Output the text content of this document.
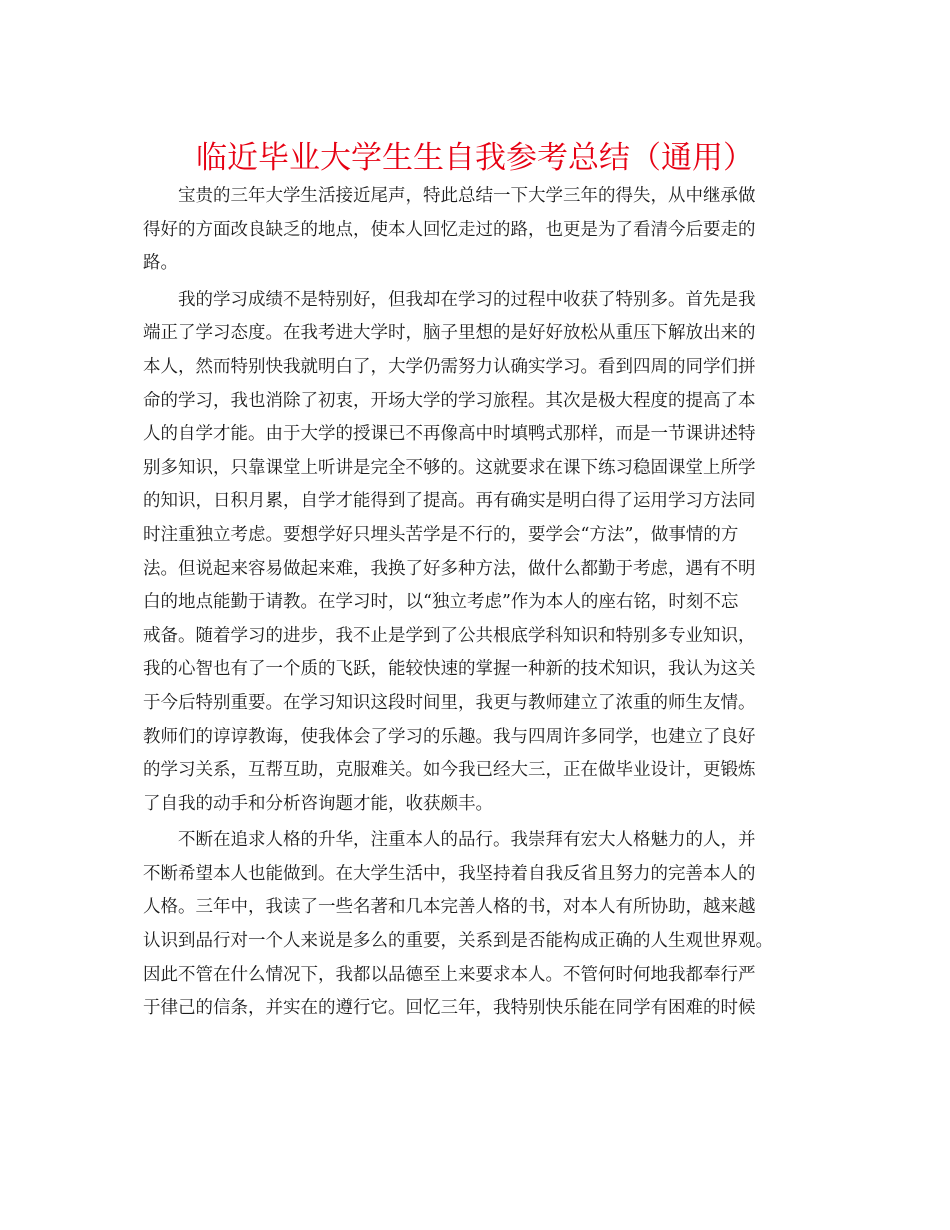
临近毕业大学生生自我参考总结（通用）

宝贵的三年大学生活接近尾声，特此总结一下大学三年的得失，从中继承做
得好的方面改良缺乏的地点，使本人回忆走过的路，也更是为了看清今后要走的
路。

我的学习成绩不是特别好，但我却在学习的过程中收获了特别多。首先是我
端正了学习态度。在我考进大学时，脑子里想的是好好放松从重压下解放出来的
本人，然而特别快我就明白了，大学仍需努力认确实学习。看到四周的同学们拼
命的学习，我也消除了初衷，开场大学的学习旅程。其次是极大程度的提高了本
人的自学才能。由于大学的授课已不再像高中时填鸭式那样，而是一节课讲述特
别多知识，只靠课堂上听讲是完全不够的。这就要求在课下练习稳固课堂上所学
的知识，日积月累，自学才能得到了提高。再有确实是明白得了运用学习方法同
时注重独立考虑。要想学好只埋头苦学是不行的，要学会“方法”，做事情的方
法。但说起来容易做起来难，我换了好多种方法，做什么都勤于考虑，遇有不明
白的地点能勤于请教。在学习时，以“独立考虑”作为本人的座右铭，时刻不忘
戒备。随着学习的进步，我不止是学到了公共根底学科知识和特别多专业知识，
我的心智也有了一个质的飞跃，能较快速的掌握一种新的技术知识，我认为这关
于今后特别重要。在学习知识这段时间里，我更与教师建立了浓重的师生友情。
教师们的谆谆教诲，使我体会了学习的乐趣。我与四周许多同学，也建立了良好
的学习关系，互帮互助，克服难关。如今我已经大三，正在做毕业设计，更锻炼
了自我的动手和分析咨询题才能，收获颇丰。

不断在追求人格的升华，注重本人的品行。我崇拜有宏大人格魅力的人，并
不断希望本人也能做到。在大学生活中，我坚持着自我反省且努力的完善本人的
人格。三年中，我读了一些名著和几本完善人格的书，对本人有所协助，越来越
认识到品行对一个人来说是多么的重要，关系到是否能构成正确的人生观世界观。
因此不管在什么情况下，我都以品德至上来要求本人。不管何时何地我都奉行严
于律己的信条，并实在的遵行它。回忆三年，我特别快乐能在同学有困难的时候
